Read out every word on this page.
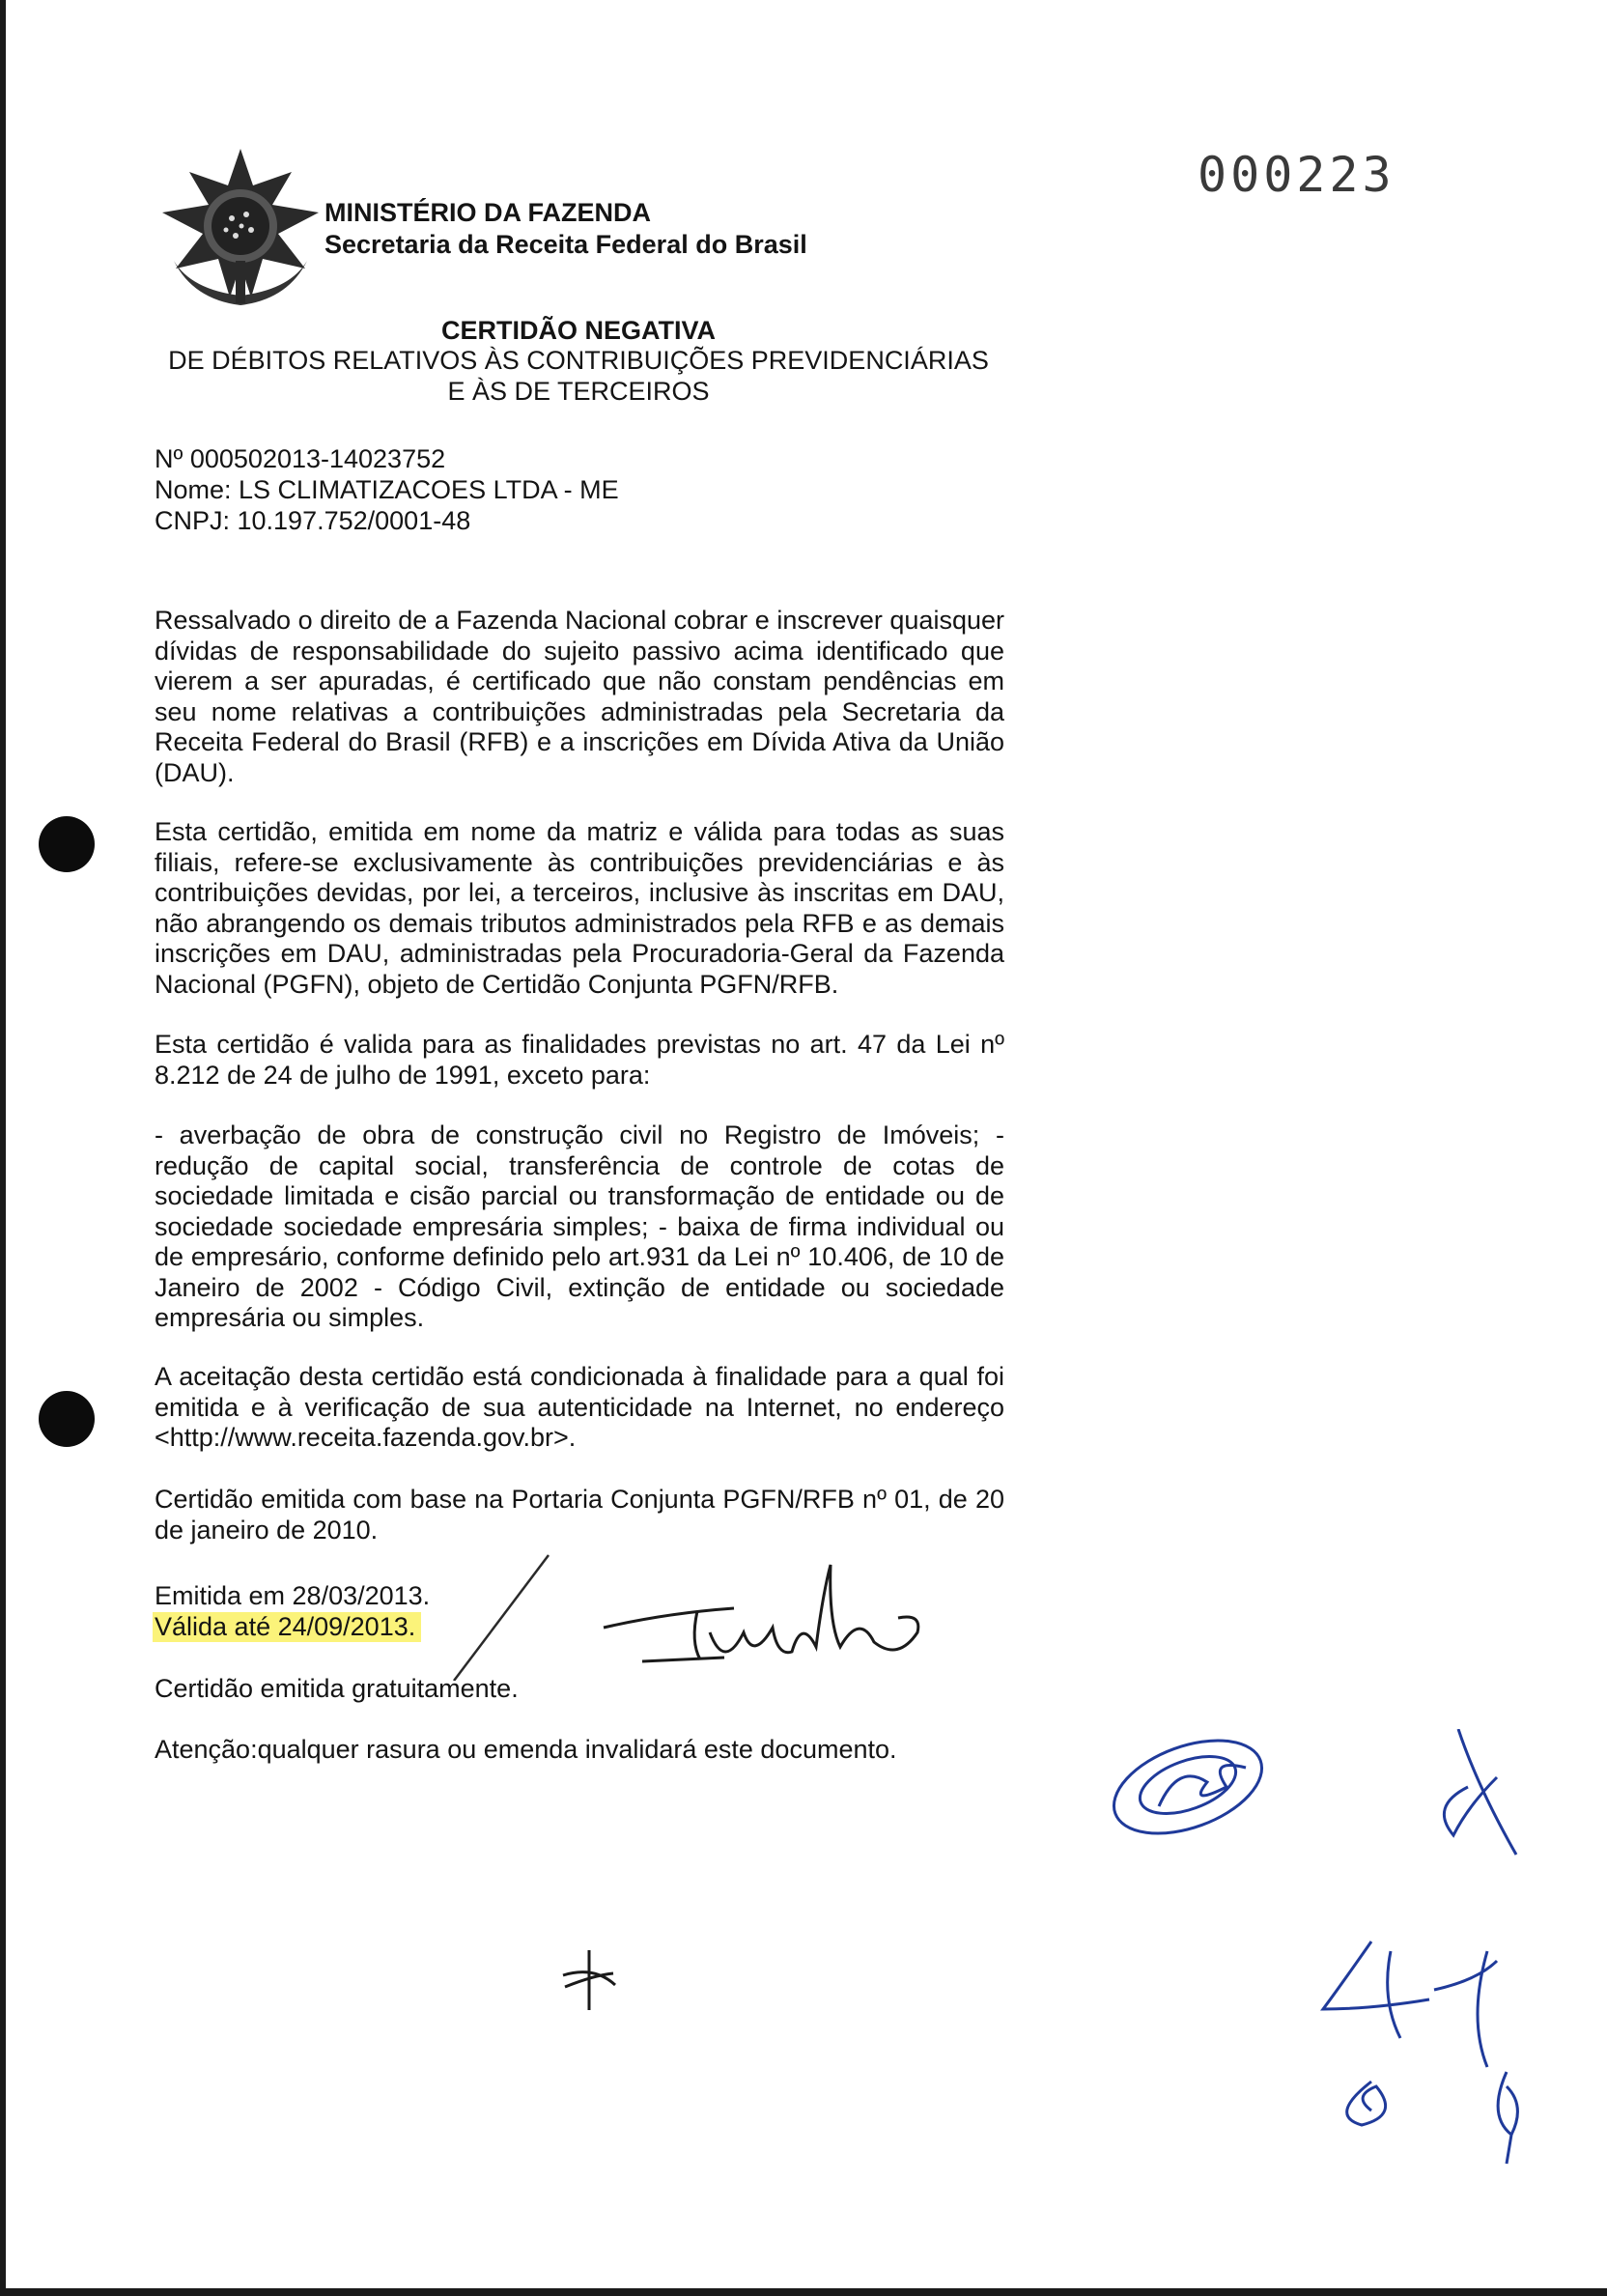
000223
MINISTÉRIO DA FAZENDA
Secretaria da Receita Federal do Brasil
CERTIDÃO NEGATIVA
DE DÉBITOS RELATIVOS ÀS CONTRIBUIÇÕES PREVIDENCIÁRIAS
E ÀS DE TERCEIROS
Nº 000502013-14023752
Nome: LS CLIMATIZACOES LTDA - ME
CNPJ: 10.197.752/0001-48

Ressalvado o direito de a Fazenda Nacional cobrar e inscrever quaisquer dívidas de responsabilidade do sujeito passivo acima identificado que vierem a ser apuradas, é certificado que não constam pendências em seu nome relativas a contribuições administradas pela Secretaria da Receita Federal do Brasil (RFB) e a inscrições em Dívida Ativa da União (DAU).

Esta certidão, emitida em nome da matriz e válida para todas as suas filiais, refere-se exclusivamente às contribuições previdenciárias e às contribuições devidas, por lei, a terceiros, inclusive às inscritas em DAU, não abrangendo os demais tributos administrados pela RFB e as demais inscrições em DAU, administradas pela Procuradoria-Geral da Fazenda Nacional (PGFN), objeto de Certidão Conjunta PGFN/RFB.

Esta certidão é valida para as finalidades previstas no art. 47 da Lei nº 8.212 de 24 de julho de 1991, exceto para:

- averbação de obra de construção civil no Registro de Imóveis; - redução de capital social, transferência de controle de cotas de sociedade limitada e cisão parcial ou transformação de entidade ou de sociedade sociedade empresária simples; - baixa de firma individual ou de empresário, conforme definido pelo art.931 da Lei nº 10.406, de 10 de Janeiro de 2002 - Código Civil, extinção de entidade ou sociedade empresária ou simples.

A aceitação desta certidão está condicionada à finalidade para a qual foi emitida e à verificação de sua autenticidade na Internet, no endereço <http://www.receita.fazenda.gov.br>.

Certidão emitida com base na Portaria Conjunta PGFN/RFB nº 01, de 20 de janeiro de 2010.

Emitida em 28/03/2013.
Válida até 24/09/2013.
Certidão emitida gratuitamente.
Atenção:qualquer rasura ou emenda invalidará este documento.
